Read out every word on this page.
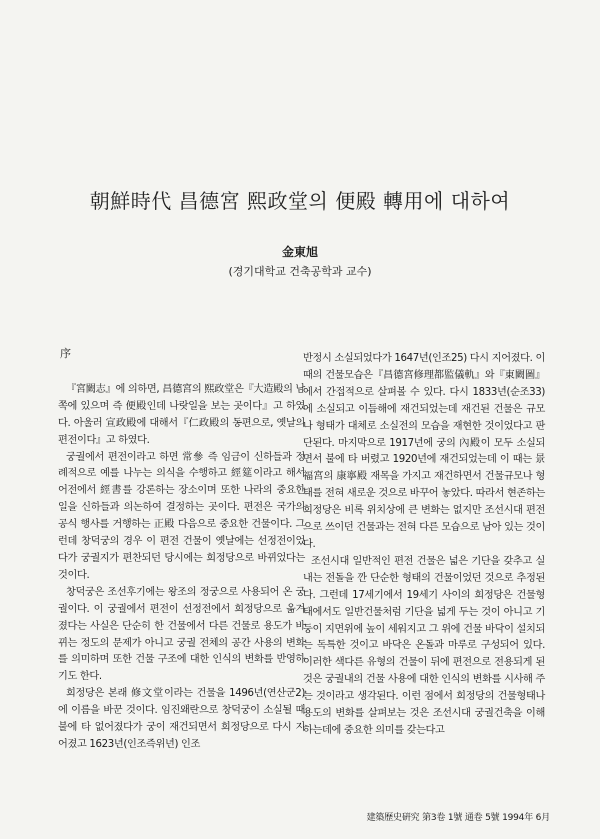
朝鮮時代 昌德宮 熙政堂의 便殿 轉用에 대하여
金東旭
(경기대학교 건축공학과 교수)
序

『宮闕志』에 의하면, 昌德宮의 熙政堂은『大造殿의 남쪽에 있으며 즉 便殿인데 나랏일을 보는 곳이다』고 하였다. 아울러 宣政殿에 대해서『仁政殿의 동편으로, 옛날의 편전이다』고 하였다.

궁궐에서 편전이라고 하면 常參 즉 임금이 신하들과 정례적으로 예를 나누는 의식을 수행하고 經筵이라고 해서 어전에서 經書를 강론하는 장소이며 또한 나라의 중요한 일을 신하들과 의논하여 결정하는 곳이다. 편전은 국가의 공식 행사를 거행하는 正殿 다음으로 중요한 건물이다. 그런데 창덕궁의 경우 이 편전 건물이 옛날에는 선정전이었다가 궁궐지가 편찬되던 당시에는 희정당으로 바뀌었다는 것이다.

창덕궁은 조선후기에는 왕조의 정궁으로 사용되어 온 궁궐이다. 이 궁궐에서 편전이 선정전에서 희정당으로 옮겨졌다는 사실은 단순히 한 건물에서 다른 건물로 용도가 바뀌는 정도의 문제가 아니고 궁궐 전체의 공간 사용의 변화를 의미하며 또한 건물 구조에 대한 인식의 변화를 반영하기도 한다.

희정당은 본래 修文堂이라는 건물을 1496년(연산군2)에 이름을 바꾼 것이다. 임진왜란으로 창덕궁이 소실될 때 불에 타 없어졌다가 궁이 재건되면서 희정당으로 다시 지어졌고 1623년(인조즉위년) 인조

반정시 소실되었다가 1647년(인조25) 다시 지어졌다. 이 때의 건물모습은『昌德宮修理都監儀軌』와『東闕圖』에서 간접적으로 살펴볼 수 있다. 다시 1833년(순조33)에 소실되고 이듬해에 재건되었는데 재건된 건물은 규모나 형태가 대체로 소실전의 모습을 재현한 것이었다고 판단된다. 마지막으로 1917년에 궁의 內殿이 모두 소실되면서 불에 타 버렸고 1920년에 재건되었는데 이 때는 景福宮의 康寧殿 재목을 가지고 재건하면서 건물규모나 형태를 전혀 새로운 것으로 바꾸어 놓았다. 따라서 현존하는 희정당은 비록 위치상에 큰 변화는 없지만 조선시대 편전으로 쓰이던 건물과는 전혀 다른 모습으로 남아 있는 것이다.

조선시대 일반적인 편전 건물은 넓은 기단을 갖추고 실내는 전돌을 깐 단순한 형태의 건물이었던 것으로 추정된다. 그런데 17세기에서 19세기 사이의 희정당은 건물형태에서도 일반건물처럼 기단을 넓게 두는 것이 아니고 기둥이 지면위에 높이 세워지고 그 위에 건물 바닥이 설치되는 독특한 것이고 바닥은 온돌과 마루로 구성되어 있다. 이러한 색다른 유형의 건물이 뒤에 편전으로 전용되게 된 것은 궁궐내의 건물 사용에 대한 인식의 변화를 시사해 주는 것이라고 생각된다. 이런 점에서 희정당의 건물형태나 용도의 변화를 살펴보는 것은 조선시대 궁궐건축을 이해하는데에 중요한 의미를 갖는다고

建築歷史硏究 第3卷 1號 通卷 5號 1994年 6月
